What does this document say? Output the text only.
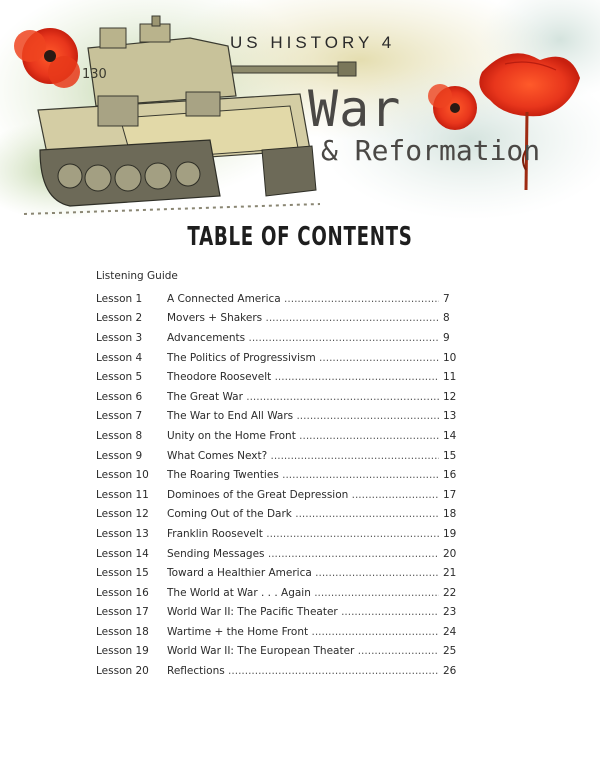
130
US HISTORY 4
War
& Reformation
TABLE OF CONTENTS
Listening Guide
Lesson 1	A Connected America .....	7
Lesson 2	Movers + Shakers .....	8
Lesson 3	Advancements .....	9
Lesson 4	The Politics of Progressivism .....	10
Lesson 5	Theodore Roosevelt .....	11
Lesson 6	The Great War .....	12
Lesson 7	The War to End All Wars .....	13
Lesson 8	Unity on the Home Front .....	14
Lesson 9	What Comes Next? .....	15
Lesson 10	The Roaring Twenties .....	16
Lesson 11	Dominoes of the Great Depression .....	17
Lesson 12	Coming Out of the Dark .....	18
Lesson 13	Franklin Roosevelt .....	19
Lesson 14	Sending Messages .....	20
Lesson 15	Toward a Healthier America .....	21
Lesson 16	The World at War . . . Again .....	22
Lesson 17	World War II: The Pacific Theater .....	23
Lesson 18	Wartime + the Home Front .....	24
Lesson 19	World War II: The European Theater .....	25
Lesson 20	Reflections .....	26
